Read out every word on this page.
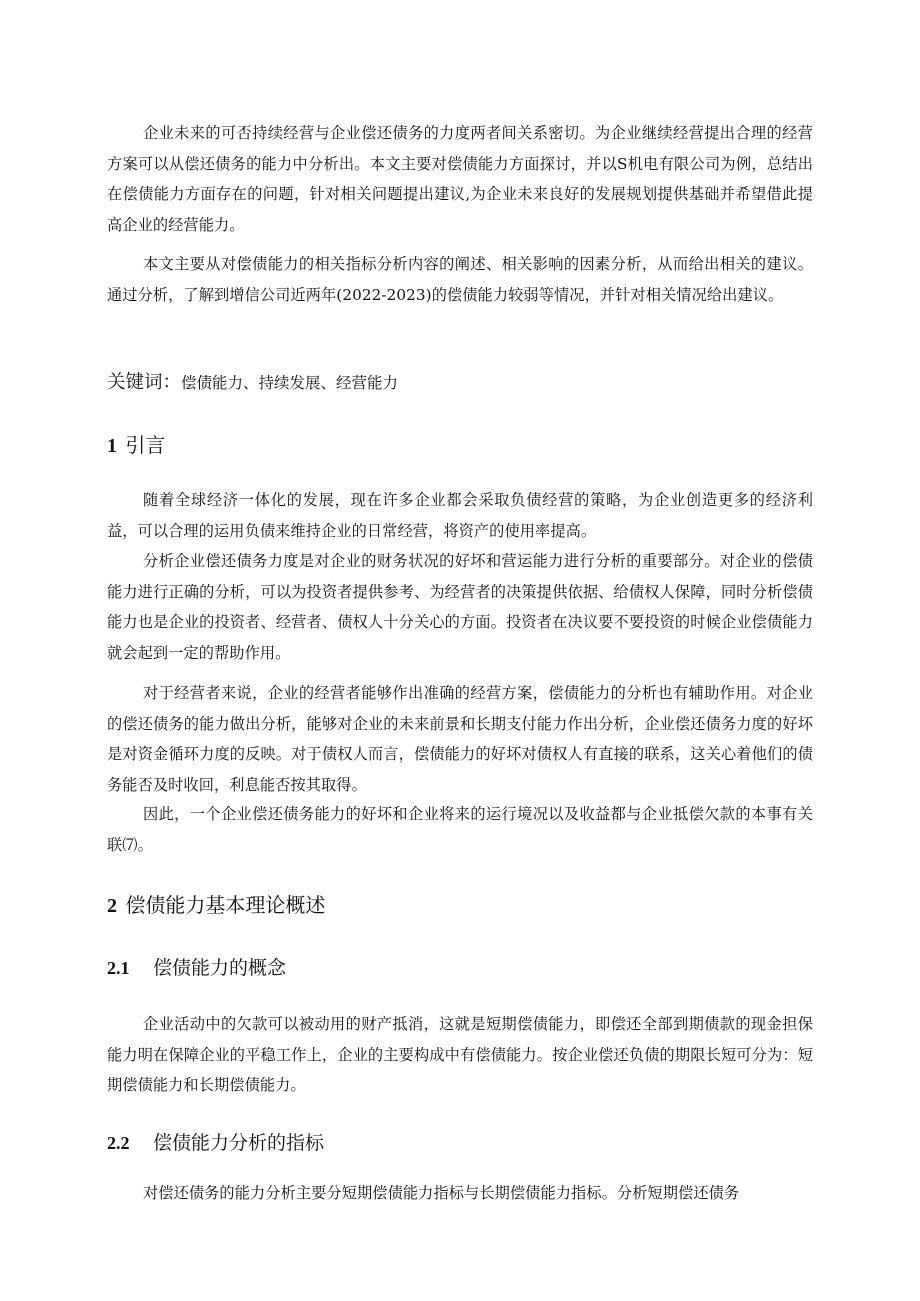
企业未来的可否持续经营与企业偿还债务的力度两者间关系密切。为企业继续经营提出合理的经营方案可以从偿还债务的能力中分析出。本文主要对偿债能力方面探讨，并以S机电有限公司为例，总结出在偿债能力方面存在的问题，针对相关问题提出建议,为企业未来良好的发展规划提供基础并希望借此提高企业的经营能力。

本文主要从对偿债能力的相关指标分析内容的阐述、相关影响的因素分析，从而给出相关的建议。通过分析，了解到增信公司近两年(2022-2023)的偿债能力较弱等情况，并针对相关情况给出建议。

关键词：偿债能力、持续发展、经营能力
1 引言

随着全球经济一体化的发展，现在许多企业都会采取负债经营的策略，为企业创造更多的经济利益，可以合理的运用负债来维持企业的日常经营，将资产的使用率提高。

分析企业偿还债务力度是对企业的财务状况的好坏和营运能力进行分析的重要部分。对企业的偿债能力进行正确的分析，可以为投资者提供参考、为经营者的决策提供依据、给债权人保障，同时分析偿债能力也是企业的投资者、经营者、债权人十分关心的方面。投资者在决议要不要投资的时候企业偿债能力就会起到一定的帮助作用。

对于经营者来说，企业的经营者能够作出准确的经营方案，偿债能力的分析也有辅助作用。对企业的偿还债务的能力做出分析，能够对企业的未来前景和长期支付能力作出分析，企业偿还债务力度的好坏是对资金循环力度的反映。对于债权人而言，偿债能力的好坏对债权人有直接的联系，这关心着他们的债务能否及时收回，利息能否按其取得。

因此，一个企业偿还债务能力的好坏和企业将来的运行境况以及收益都与企业抵偿欠款的本事有关联⑺。

2 偿债能力基本理论概述
2.1 偿债能力的概念

企业活动中的欠款可以被动用的财产抵消，这就是短期偿债能力，即偿还全部到期债款的现金担保能力明在保障企业的平稳工作上，企业的主要构成中有偿债能力。按企业偿还负债的期限长短可分为：短期偿债能力和长期偿债能力。

2.2 偿债能力分析的指标

对偿还债务的能力分析主要分短期偿债能力指标与长期偿债能力指标。分析短期偿还债务
